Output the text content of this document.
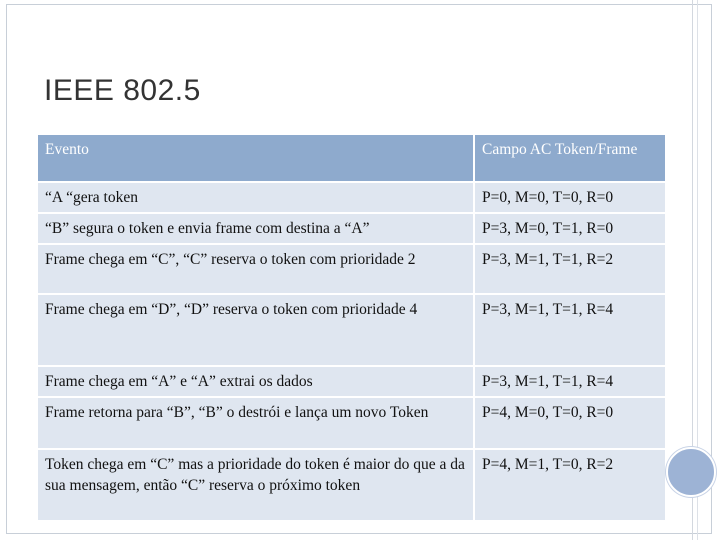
IEEE 802.5
Evento	Campo AC Token/Frame
“A “gera token	P=0, M=0, T=0, R=0
“B” segura o token e envia frame com destina a “A”	P=3, M=0, T=1, R=0
Frame chega em “C”, “C” reserva o token com prioridade 2	P=3, M=1, T=1, R=2
Frame chega em “D”, “D” reserva o token com prioridade 4	P=3, M=1, T=1, R=4
Frame chega em “A” e “A” extrai os dados	P=3, M=1, T=1, R=4
Frame retorna para “B”, “B” o destrói e lança um novo Token	P=4, M=0, T=0, R=0
Token chega em “C” mas a prioridade do token é maior do que a da sua mensagem, então “C” reserva o próximo token	P=4, M=1, T=0, R=2
